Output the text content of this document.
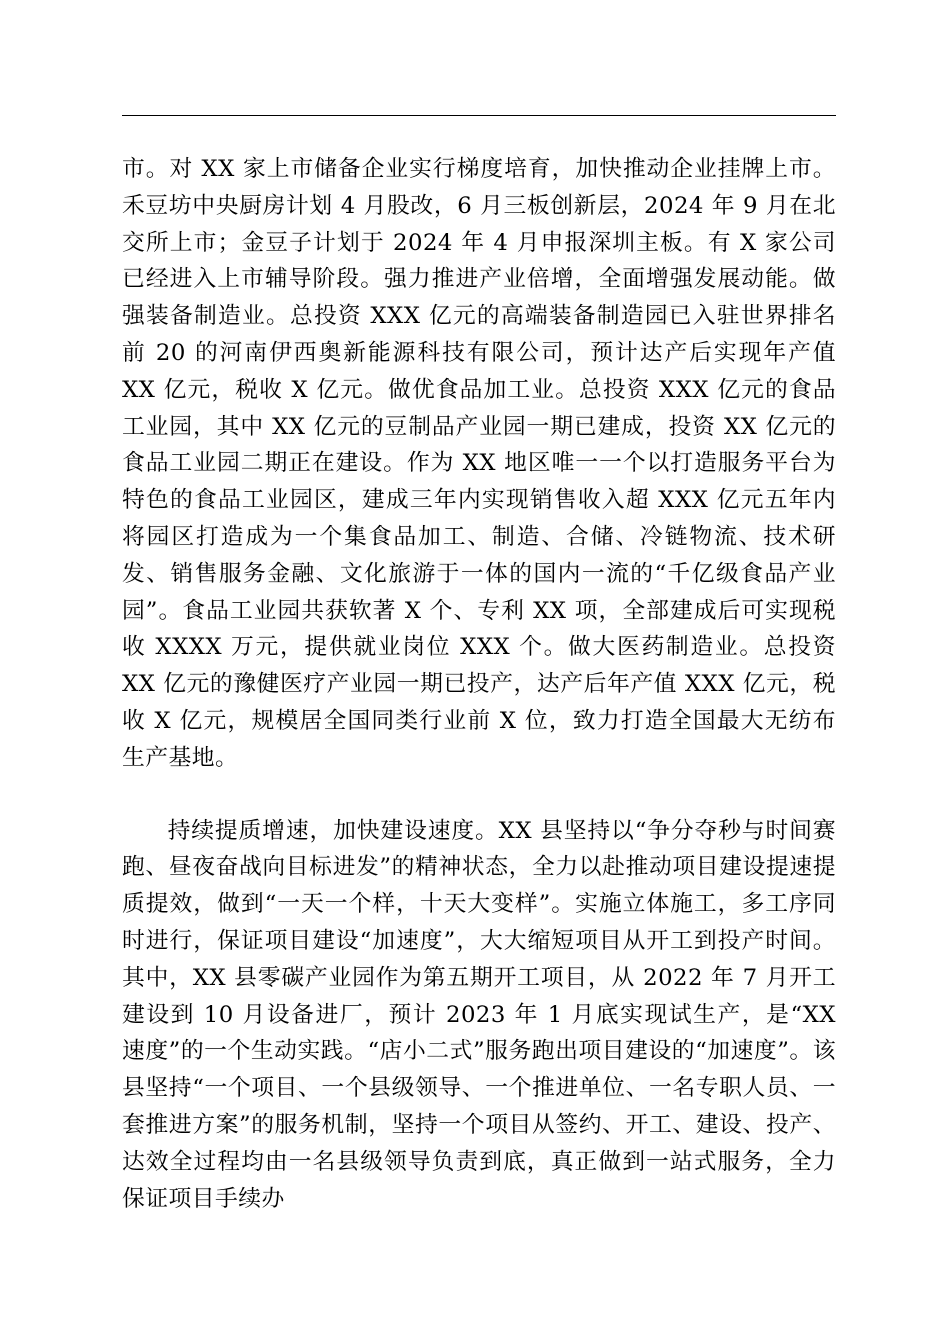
市。对 XX 家上市储备企业实行梯度培育，加快推动企业挂牌上市。禾豆坊中央厨房计划 4 月股改，6 月三板创新层，2024 年 9 月在北交所上市；金豆子计划于 2024 年 4 月申报深圳主板。有 X 家公司已经进入上市辅导阶段。强力推进产业倍增，全面增强发展动能。做强装备制造业。总投资 XXX 亿元的高端装备制造园已入驻世界排名前 20 的河南伊西奥新能源科技有限公司，预计达产后实现年产值 XX 亿元，税收 X 亿元。做优食品加工业。总投资 XXX 亿元的食品工业园，其中 XX 亿元的豆制品产业园一期已建成，投资 XX 亿元的食品工业园二期正在建设。作为 XX 地区唯一一个以打造服务平台为特色的食品工业园区，建成三年内实现销售收入超 XXX 亿元五年内将园区打造成为一个集食品加工、制造、合储、冷链物流、技术研发、销售服务金融、文化旅游于一体的国内一流的“千亿级食品产业园”。食品工业园共获软著 X 个、专利 XX 项，全部建成后可实现税收 XXXX 万元，提供就业岗位 XXX 个。做大医药制造业。总投资 XX 亿元的豫健医疗产业园一期已投产，达产后年产值 XXX 亿元，税收 X 亿元，规模居全国同类行业前 X 位，致力打造全国最大无纺布生产基地。

持续提质增速，加快建设速度。XX 县坚持以“争分夺秒与时间赛跑、昼夜奋战向目标进发”的精神状态，全力以赴推动项目建设提速提质提效，做到“一天一个样，十天大变样”。实施立体施工，多工序同时进行，保证项目建设“加速度”，大大缩短项目从开工到投产时间。其中，XX 县零碳产业园作为第五期开工项目，从 2022 年 7 月开工建设到 10 月设备进厂，预计 2023 年 1 月底实现试生产，是“XX 速度”的一个生动实践。“店小二式”服务跑出项目建设的“加速度”。该县坚持“一个项目、一个县级领导、一个推进单位、一名专职人员、一套推进方案”的服务机制，坚持一个项目从签约、开工、建设、投产、达效全过程均由一名县级领导负责到底，真正做到一站式服务，全力保证项目手续办
